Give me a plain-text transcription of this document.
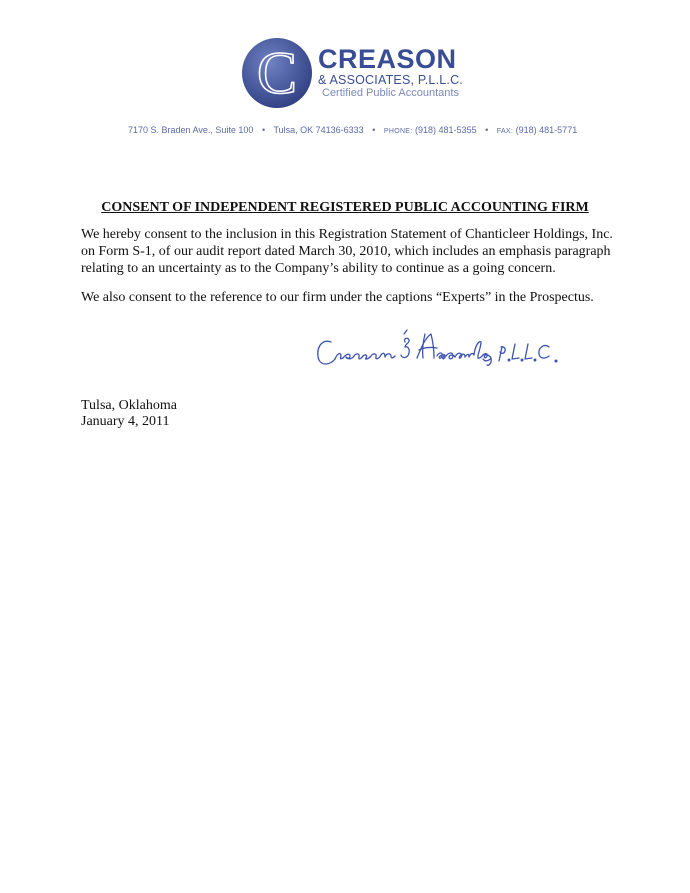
C CREASON
& ASSOCIATES, P.L.L.C.
Certified Public Accountants
7170 S. Braden Ave., Suite 100 • Tulsa, OK 74136-6333 • PHONE: (918) 481-5355 • FAX: (918) 481-5771
CONSENT OF INDEPENDENT REGISTERED PUBLIC ACCOUNTING FIRM

We hereby consent to the inclusion in this Registration Statement of Chanticleer Holdings, Inc. on Form S-1, of our audit report dated March 30, 2010, which includes an emphasis paragraph relating to an uncertainty as to the Company’s ability to continue as a going concern.

We also consent to the reference to our firm under the captions “Experts” in the Prospectus.

Tulsa, Oklahoma

January 4, 2011
